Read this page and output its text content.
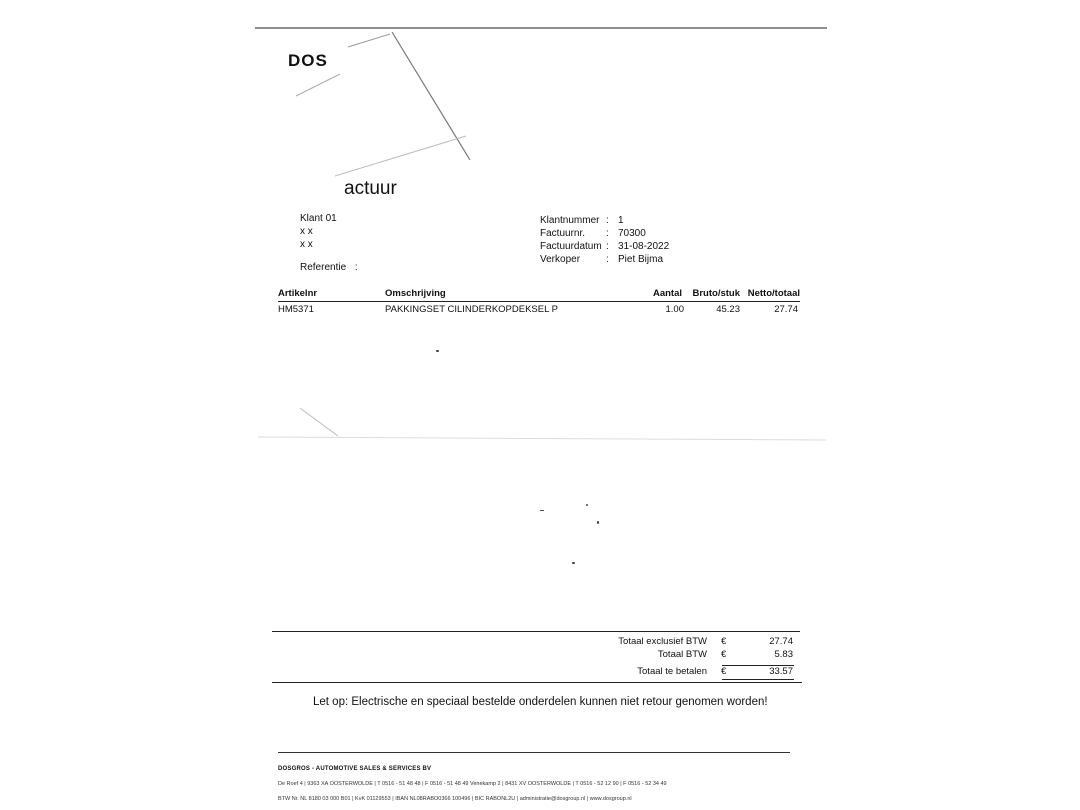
DOS
actuur
Klant 01
x x
x x
Referentie :
Klantnummer : 1
Factuurnr.	: 70300
Factuurdatum : 31-08-2022
Verkoper	: Piet Bijma
Artikelnr	Omschrijving	Aantal	Bruto/stuk Netto/totaal
HM5371	PAKKINGSET CILINDERKOPDEKSEL P	1.00	45.23	27.74
Totaal exclusief BTW €	27.74
Totaal BTW €	5.83
Totaal te betalen €	33.57
Let op: Electrische en speciaal bestelde onderdelen kunnen niet retour genomen worden!
DOSGROS - AUTOMOTIVE SALES & SERVICES BV
De Roef 4 | 9363 XA OOSTERWOLDE | T 0516 - 51 48 48 | F 0516 - 51 48 49 Venekamp 2 | 8431 XV OOSTERWOLDE | T 0516 - 52 12 90 | F 0516 - 52 34 49
BTW Nr. NL 8180 03 000 B01 | KvK 01129553 | IBAN NL08RABO0366 100496 | BIC RABONL2U | administratie@dosgroup.nl | www.dosgroup.nl
